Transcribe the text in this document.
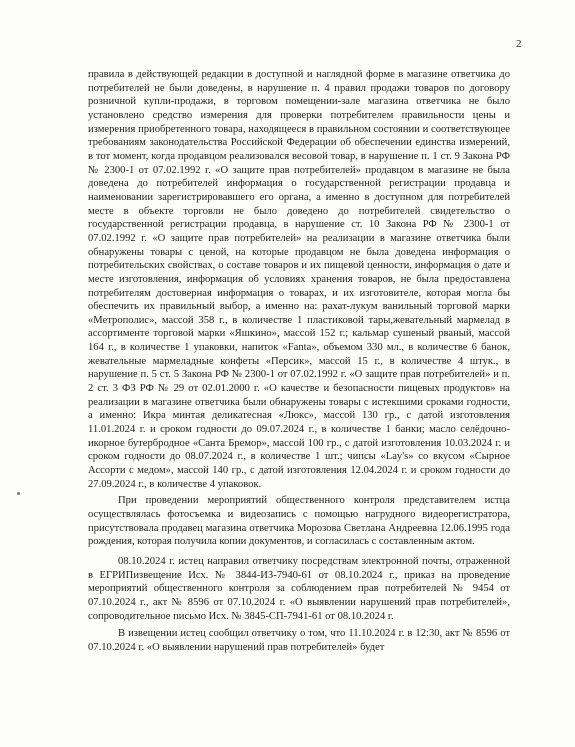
2

правила в действующей редакции в доступной и наглядной форме в магазине ответчика до потребителей не были доведены, в нарушение п. 4 правил продажи товаров по договору розничной купли-продажи, в торговом помещении-зале магазина ответчика не было установлено средство измерения для проверки потребителем правильности цены и измерения приобретенного товара, находящееся в правильном состоянии и соответствующее требованиям законодательства Российской Федерации об обеспечении единства измерений, в тот момент, когда продавцом реализовался весовой товар, в нарушение п. 1 ст. 9 Закона РФ № 2300-1 от 07.02.1992 г. «О защите прав потребителей» продавцом в магазине не была доведена до потребителей информация о государственной регистрации продавца и наименовании зарегистрировавшего его органа, а именно в доступном для потребителей месте в объекте торговли не было доведено до потребителей свидетельство о государственной регистрации продавца, в нарушение ст. 10 Закона РФ № 2300-1 от 07.02.1992 г. «О защите прав потребителей» на реализации в магазине ответчика были обнаружены товары с ценой, на которые продавцом не была доведена информация о потребительских свойствах, о составе товаров и их пищевой ценности, информация о дате и месте изготовления, информация об условиях хранения товаров, не была предоставлена потребителям достоверная информация о товарах, и их изготовителе, которая могла бы обеспечить их правильный выбор, а именно на: рахат-лукум ванильный торговой марки «Метрополис», массой 358 г., в количестве 1 пластиковой тары,жевательный мармелад в ассортименте торговой марки «Яшкино», массой 152 г.; кальмар сушеный рваный, массой 164 г., в количестве 1 упаковки, напиток «Fanta», объемом 330 мл., в количестве 6 банок, жевательные мармеладные конфеты «Персик», массой 15 г., в количестве 4 штук., в нарушение п. 5 ст. 5 Закона РФ № 2300-1 от 07.02.1992 г. «О защите прав потребителей» и п. 2 ст. 3 ФЗ РФ № 29 от 02.01.2000 г. «О качестве и безопасности пищевых продуктов» на реализации в магазине ответчика были обнаружены товары с истекшими сроками годности, а именно: Икра минтая деликатесная «Люкс», массой 130 гр., с датой изготовления 11.01.2024 г. и сроком годности до 09.07.2024 г., в количестве 1 банки; масло селёдочно-икорное бутербродное «Санта Бремор», массой 100 гр., с датой изготовления 10.03.2024 г. и сроком годности до 08.07.2024 г., в количестве 1 шт.; чипсы «Lay's» со вкусом «Сырное Ассорти с медом», массой 140 гр., с датой изготовления 12.04.2024 г. и сроком годности до 27.09.2024 г., в количестве 4 упаковок.

При проведении мероприятий общественного контроля представителем истца осуществлялась фотосъемка и видеозапись с помощью нагрудного видеорегистратора, присутствовала продавец магазина ответчика Морозова Светлана Андреевна 12.06.1995 года рождения, которая получила копии документов, и согласилась с составленным актом.

08.10.2024 г. истец направил ответчику посредствам электронной почты, отраженной в ЕГРИПизвещение Исх. № 3844-ИЗ-7940-61 от 08.10.2024 г., приказ на проведение мероприятий общественного контроля за соблюдением прав потребителей № 9454 от 07.10.2024 г., акт № 8596 от 07.10.2024 г. «О выявлении нарушений прав потребителей», сопроводительное письмо Исх. № 3845-СП-7941-61 от 08.10.2024 г.

В извещении истец сообщил ответчику о том, что 11.10.2024 г. в 12:30, акт № 8596 от 07.10.2024 г. «О выявлении нарушений прав потребителей» будет
